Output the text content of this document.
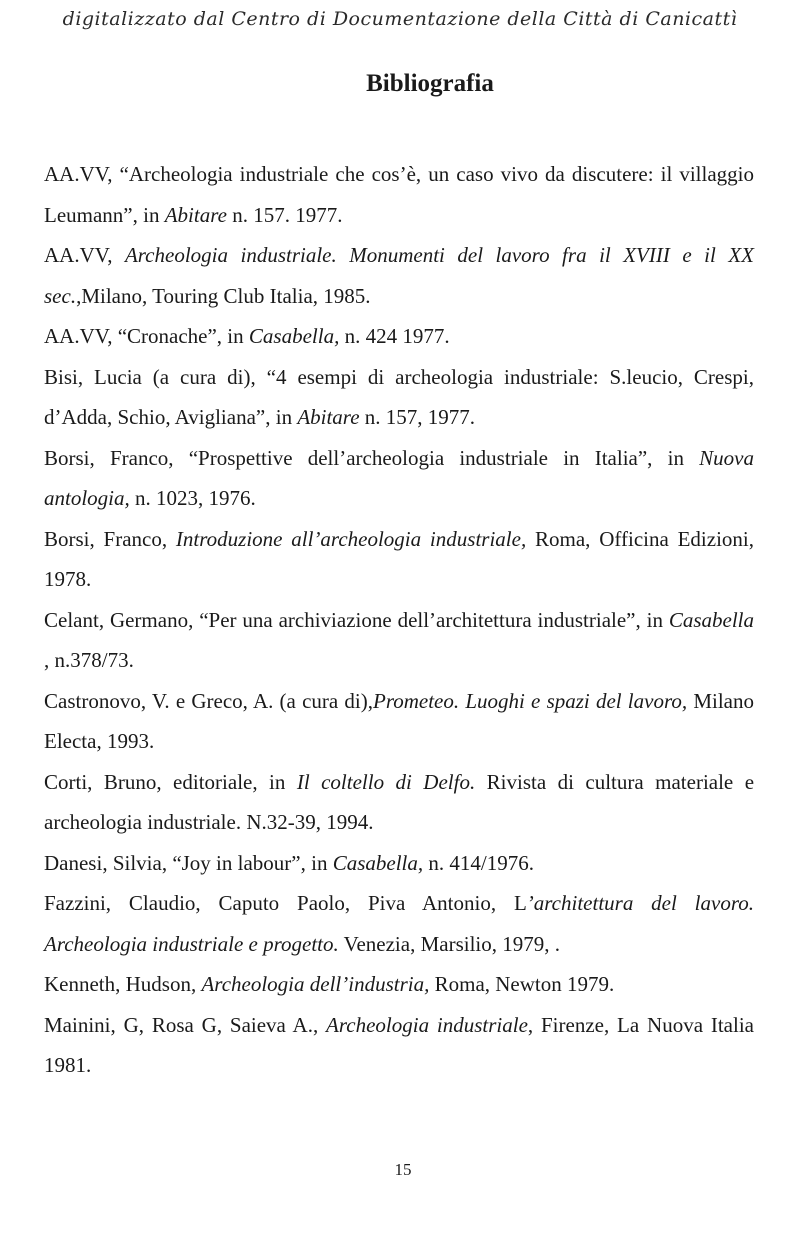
digitalizzato dal Centro di Documentazione della Città di Canicattì
Bibliografia
AA.VV, “Archeologia industriale che cos’è, un caso vivo da discutere: il villaggio Leumann”, in Abitare n. 157. 1977.
AA.VV, Archeologia industriale. Monumenti del lavoro fra il XVIII e il XX sec.,Milano, Touring Club Italia, 1985.
AA.VV, “Cronache”, in Casabella, n. 424 1977.
Bisi, Lucia (a cura di), “4 esempi di archeologia industriale: S.leucio, Crespi, d’Adda, Schio, Avigliana”, in Abitare n. 157, 1977.
Borsi, Franco, “Prospettive dell’archeologia industriale in Italia”, in Nuova antologia, n. 1023, 1976.
Borsi, Franco, Introduzione all’archeologia industriale, Roma, Officina Edizioni, 1978.
Celant, Germano, “Per una archiviazione dell’architettura industriale”, in Casabella , n.378/73.
Castronovo, V. e Greco, A. (a cura di),Prometeo. Luoghi e spazi del lavoro, Milano Electa, 1993.
Corti, Bruno, editoriale, in Il coltello di Delfo. Rivista di cultura materiale e archeologia industriale. N.32-39, 1994.
Danesi, Silvia, “Joy in labour”, in Casabella, n. 414/1976.
Fazzini, Claudio, Caputo Paolo, Piva Antonio, L’architettura del lavoro. Archeologia industriale e progetto. Venezia, Marsilio, 1979, .
Kenneth, Hudson, Archeologia dell’industria, Roma, Newton 1979.
Mainini, G, Rosa G, Saieva A., Archeologia industriale, Firenze, La Nuova Italia 1981.
15
